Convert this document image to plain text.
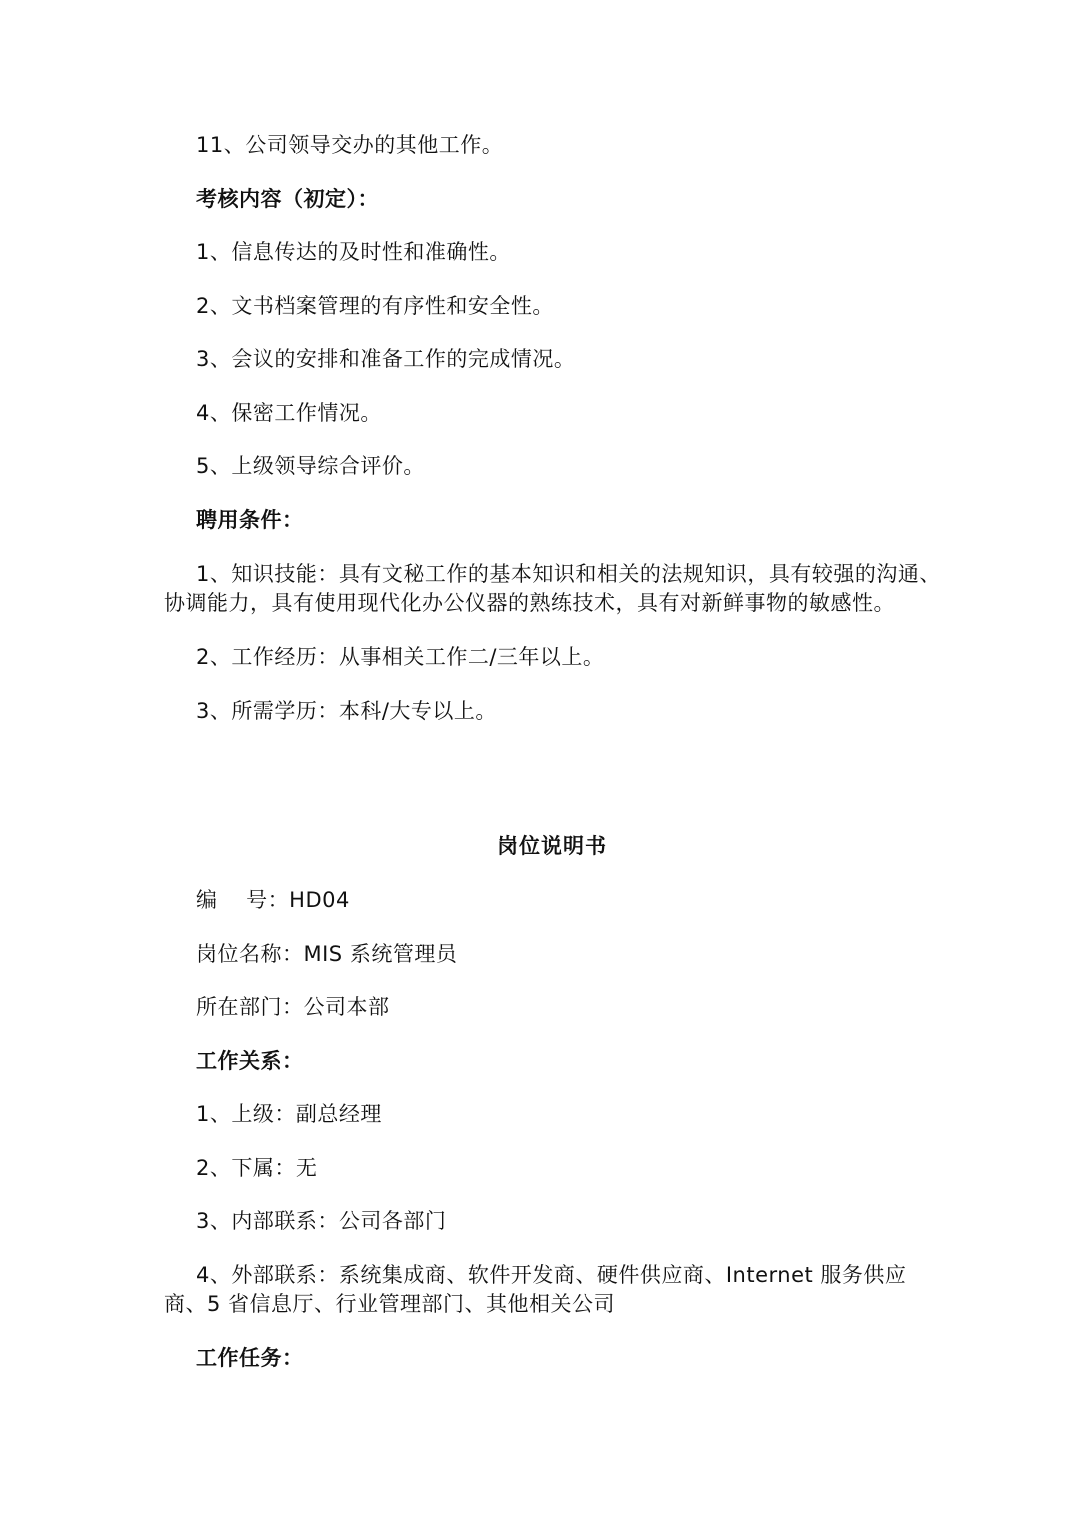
11、公司领导交办的其他工作。
考核内容（初定）：
1、信息传达的及时性和准确性。
2、文书档案管理的有序性和安全性。
3、会议的安排和准备工作的完成情况。
4、保密工作情况。
5、上级领导综合评价。
聘用条件：
1、知识技能：具有文秘工作的基本知识和相关的法规知识，具有较强的沟通、
协调能力，具有使用现代化办公仪器的熟练技术，具有对新鲜事物的敏感性。
2、工作经历：从事相关工作二/三年以上。
3、所需学历：本科/大专以上。
岗位说明书
编　 号：HD04
岗位名称：MIS 系统管理员
所在部门：公司本部
工作关系：
1、上级：副总经理
2、下属：无
3、内部联系：公司各部门
4、外部联系：系统集成商、软件开发商、硬件供应商、Internet 服务供应
商、5 省信息厅、行业管理部门、其他相关公司
工作任务：
